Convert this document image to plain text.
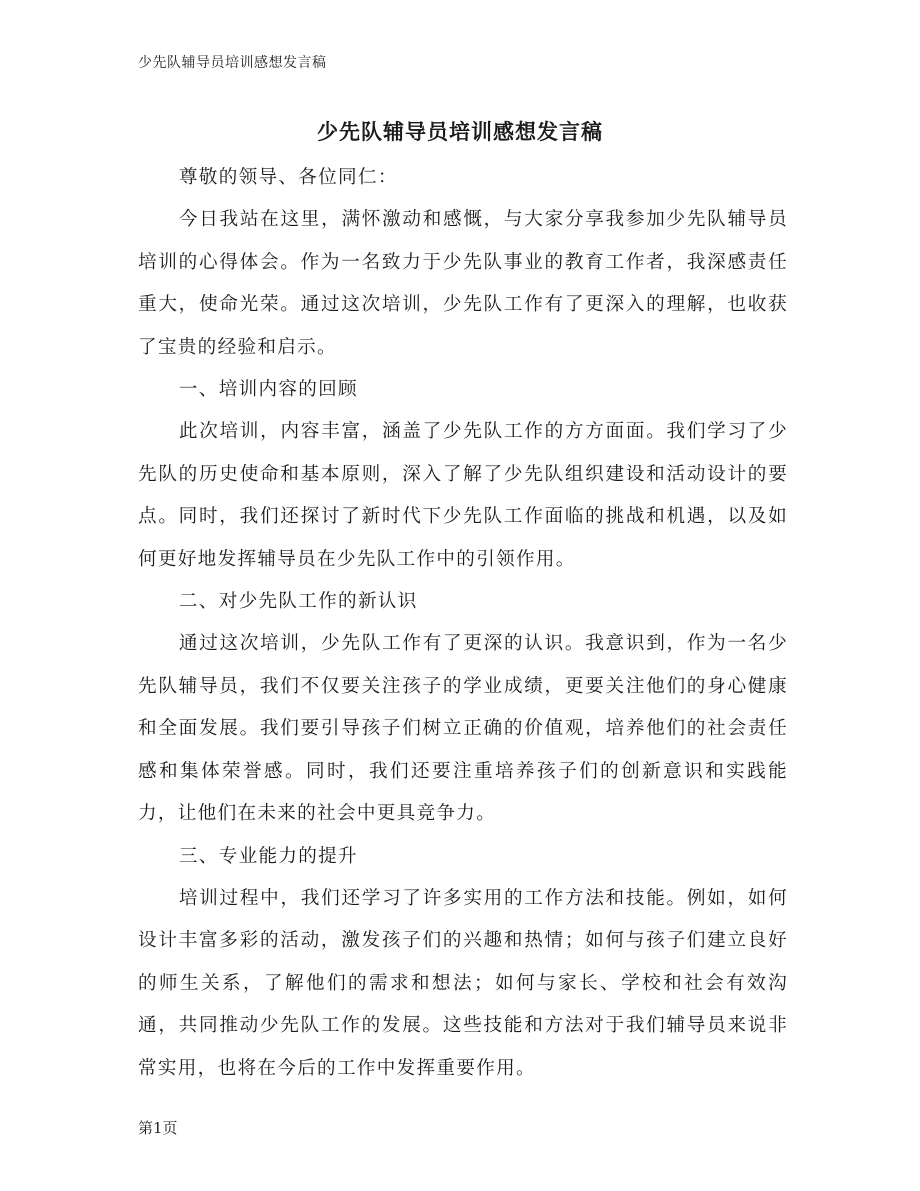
少先队辅导员培训感想发言稿
少先队辅导员培训感想发言稿

尊敬的领导、各位同仁：

今日我站在这里，满怀激动和感慨，与大家分享我参加少先队辅导员培训的心得体会。作为一名致力于少先队事业的教育工作者，我深感责任重大，使命光荣。通过这次培训，少先队工作有了更深入的理解，也收获了宝贵的经验和启示。

一、培训内容的回顾

此次培训，内容丰富，涵盖了少先队工作的方方面面。我们学习了少先队的历史使命和基本原则，深入了解了少先队组织建设和活动设计的要点。同时，我们还探讨了新时代下少先队工作面临的挑战和机遇，以及如何更好地发挥辅导员在少先队工作中的引领作用。

二、对少先队工作的新认识

通过这次培训，少先队工作有了更深的认识。我意识到，作为一名少先队辅导员，我们不仅要关注孩子的学业成绩，更要关注他们的身心健康和全面发展。我们要引导孩子们树立正确的价值观，培养他们的社会责任感和集体荣誉感。同时，我们还要注重培养孩子们的创新意识和实践能力，让他们在未来的社会中更具竞争力。

三、专业能力的提升

培训过程中，我们还学习了许多实用的工作方法和技能。例如，如何设计丰富多彩的活动，激发孩子们的兴趣和热情；如何与孩子们建立良好的师生关系，了解他们的需求和想法；如何与家长、学校和社会有效沟通，共同推动少先队工作的发展。这些技能和方法对于我们辅导员来说非常实用，也将在今后的工作中发挥重要作用。

第1页
